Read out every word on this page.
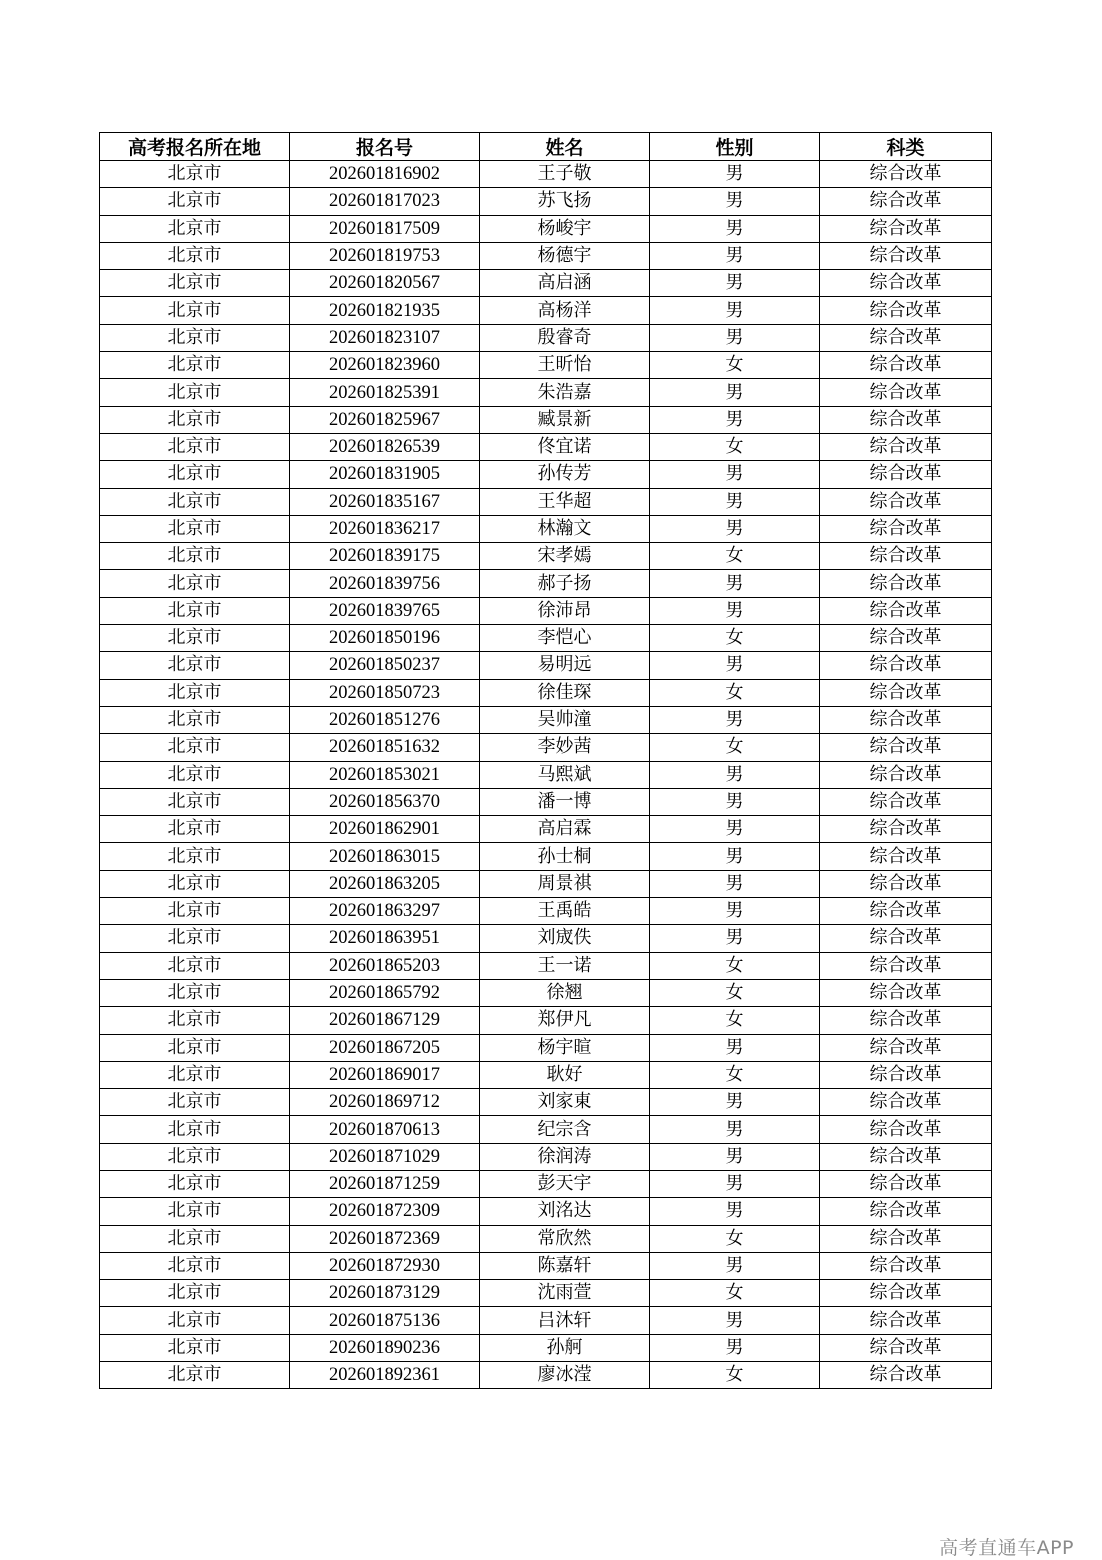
高考报名所在地	报名号	姓名	性别	科类
北京市	202601816902	王子敬	男	综合改革
北京市	202601817023	苏飞扬	男	综合改革
北京市	202601817509	杨峻宇	男	综合改革
北京市	202601819753	杨德宇	男	综合改革
北京市	202601820567	高启涵	男	综合改革
北京市	202601821935	高杨洋	男	综合改革
北京市	202601823107	殷睿奇	男	综合改革
北京市	202601823960	王昕怡	女	综合改革
北京市	202601825391	朱浩嘉	男	综合改革
北京市	202601825967	臧景新	男	综合改革
北京市	202601826539	佟宜诺	女	综合改革
北京市	202601831905	孙传芳	男	综合改革
北京市	202601835167	王华超	男	综合改革
北京市	202601836217	林瀚文	男	综合改革
北京市	202601839175	宋孝嫣	女	综合改革
北京市	202601839756	郝子扬	男	综合改革
北京市	202601839765	徐沛昂	男	综合改革
北京市	202601850196	李恺心	女	综合改革
北京市	202601850237	易明远	男	综合改革
北京市	202601850723	徐佳琛	女	综合改革
北京市	202601851276	吴帅潼	男	综合改革
北京市	202601851632	李妙茜	女	综合改革
北京市	202601853021	马熙斌	男	综合改革
北京市	202601856370	潘一博	男	综合改革
北京市	202601862901	高启霖	男	综合改革
北京市	202601863015	孙士桐	男	综合改革
北京市	202601863205	周景祺	男	综合改革
北京市	202601863297	王禹皓	男	综合改革
北京市	202601863951	刘宬佚	男	综合改革
北京市	202601865203	王一诺	女	综合改革
北京市	202601865792	徐翘	女	综合改革
北京市	202601867129	郑伊凡	女	综合改革
北京市	202601867205	杨宇暄	男	综合改革
北京市	202601869017	耿好	女	综合改革
北京市	202601869712	刘家東	男	综合改革
北京市	202601870613	纪宗含	男	综合改革
北京市	202601871029	徐润涛	男	综合改革
北京市	202601871259	彭天宇	男	综合改革
北京市	202601872309	刘洺达	男	综合改革
北京市	202601872369	常欣然	女	综合改革
北京市	202601872930	陈嘉轩	男	综合改革
北京市	202601873129	沈雨萱	女	综合改革
北京市	202601875136	吕沐轩	男	综合改革
北京市	202601890236	孙舸	男	综合改革
北京市	202601892361	廖冰滢	女	综合改革
高考直通车APP
